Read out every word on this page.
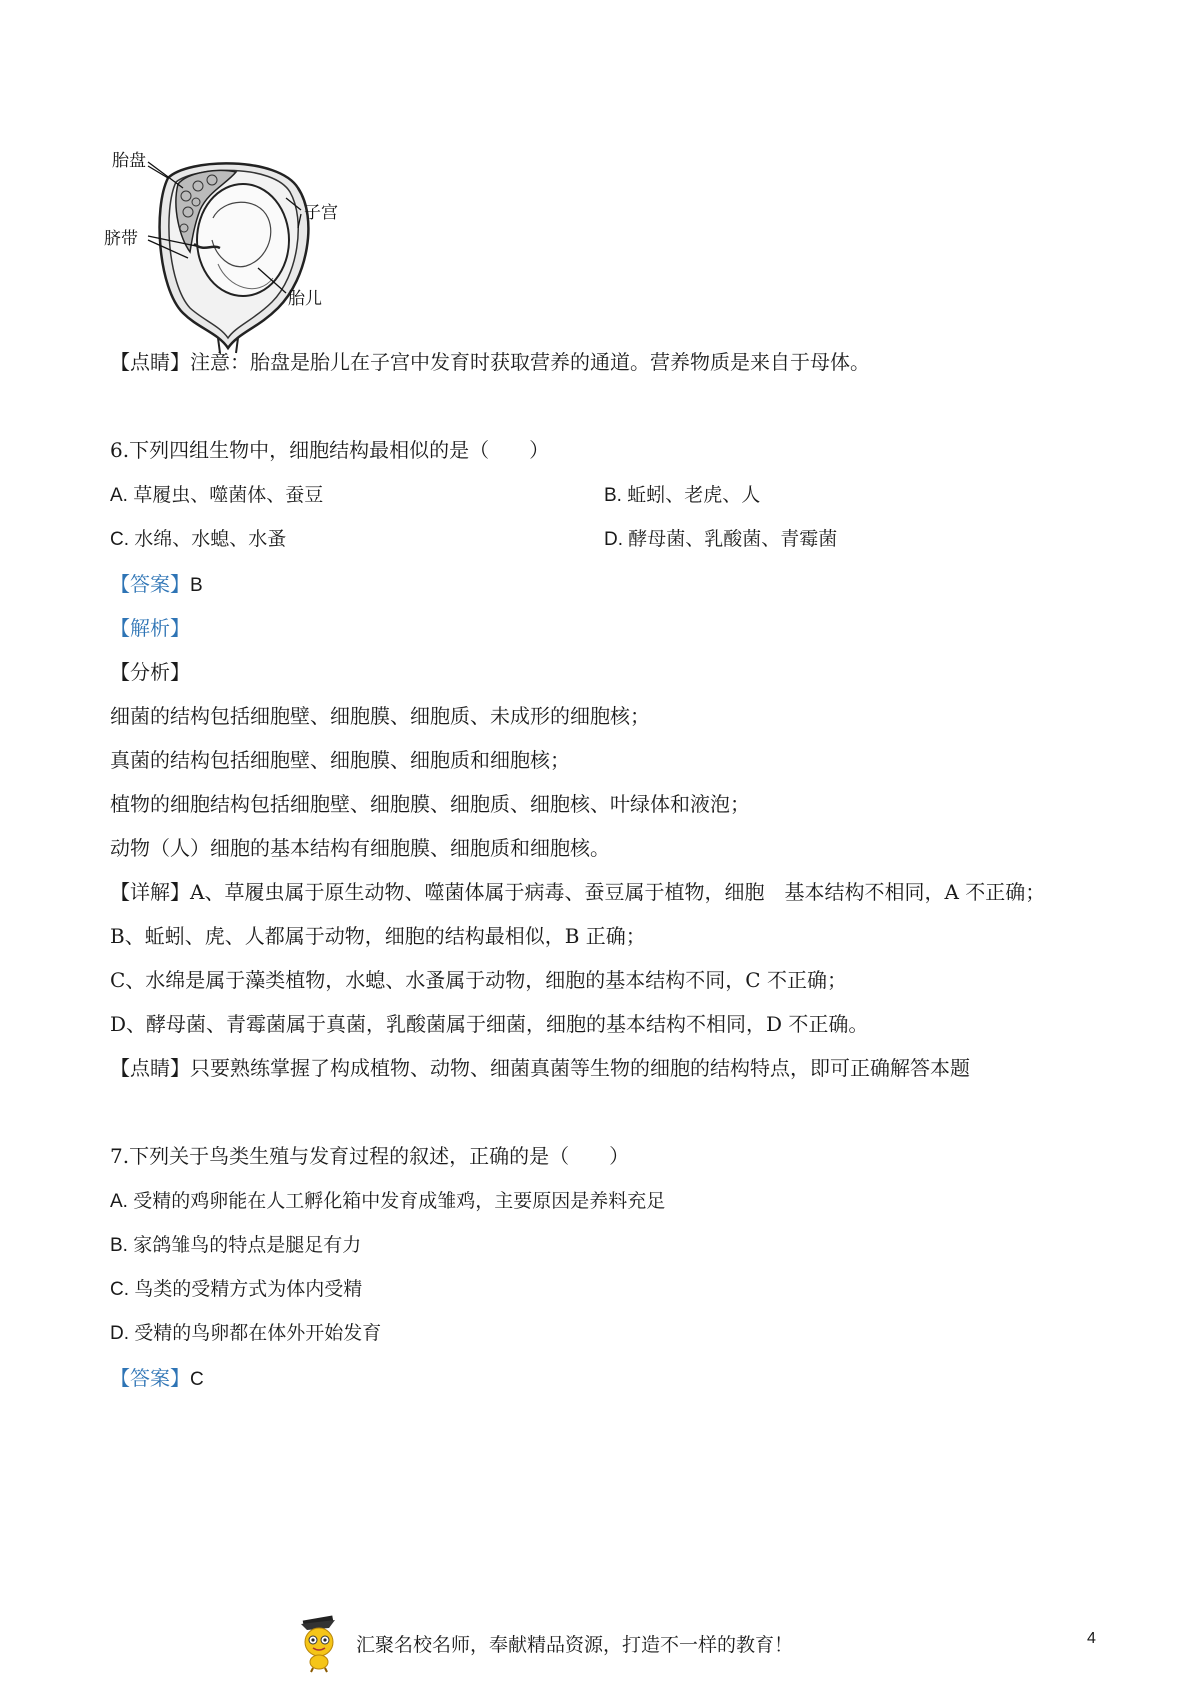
胎盘
脐带
子宫
胎儿
【点睛】注意：胎盘是胎儿在子宫中发育时获取营养的通道。营养物质是来自于母体。
6.下列四组生物中，细胞结构最相似的是（　　）
A. 草履虫、噬菌体、蚕豆	B. 蚯蚓、老虎、人
C. 水绵、水螅、水蚤	D. 酵母菌、乳酸菌、青霉菌
【答案】B
【解析】
【分析】
细菌的结构包括细胞壁、细胞膜、细胞质、未成形的细胞核；
真菌的结构包括细胞壁、细胞膜、细胞质和细胞核；
植物的细胞结构包括细胞壁、细胞膜、细胞质、细胞核、叶绿体和液泡；
动物（人）细胞的基本结构有细胞膜、细胞质和细胞核。
【详解】A、草履虫属于原生动物、噬菌体属于病毒、蚕豆属于植物，细胞　基本结构不相同，A 不正确；
B、蚯蚓、虎、人都属于动物，细胞的结构最相似，B 正确；
C、水绵是属于藻类植物，水螅、水蚤属于动物，细胞的基本结构不同，C 不正确；
D、酵母菌、青霉菌属于真菌，乳酸菌属于细菌，细胞的基本结构不相同，D 不正确。
【点睛】只要熟练掌握了构成植物、动物、细菌真菌等生物的细胞的结构特点，即可正确解答本题
7.下列关于鸟类生殖与发育过程的叙述，正确的是（　　）
A. 受精的鸡卵能在人工孵化箱中发育成雏鸡，主要原因是养料充足
B. 家鸽雏鸟的特点是腿足有力
C. 鸟类的受精方式为体内受精
D. 受精的鸟卵都在体外开始发育
【答案】C
汇聚名校名师，奉献精品资源，打造不一样的教育！	4
